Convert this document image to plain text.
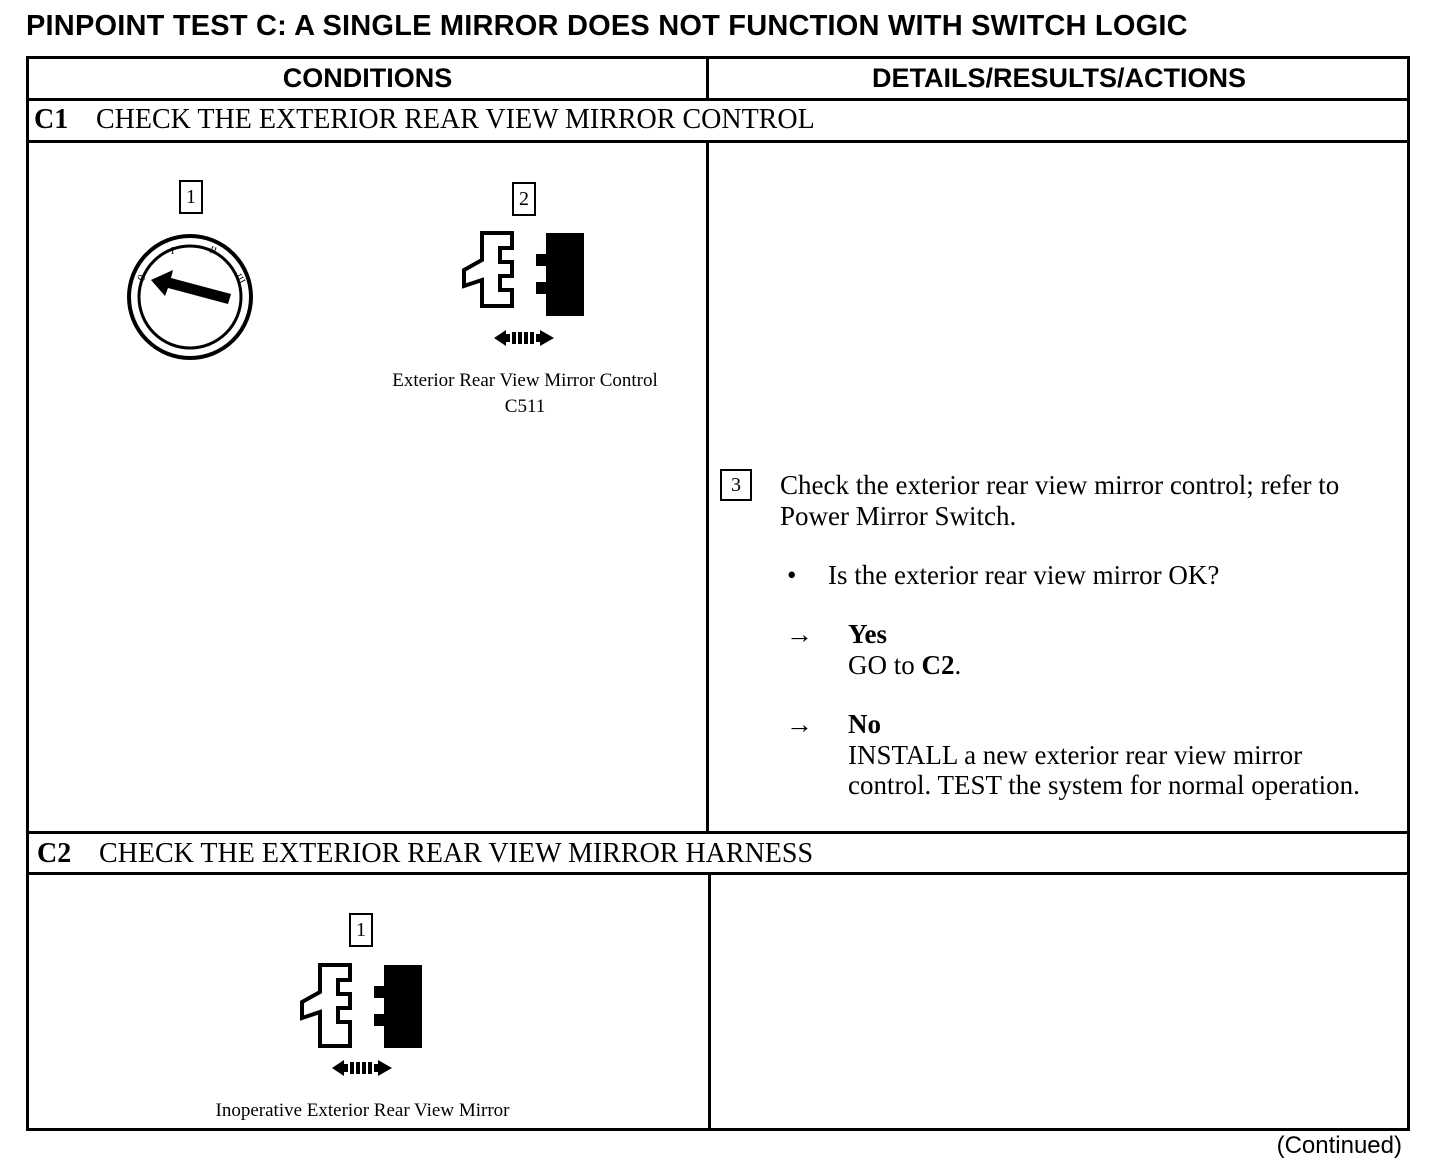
PINPOINT TEST C: A SINGLE MIRROR DOES NOT FUNCTION WITH SWITCH LOGIC
CONDITIONS	DETAILS/RESULTS/ACTIONS
C1 CHECK THE EXTERIOR REAR VIEW MIRROR CONTROL
1
0
I	II
III
2
Exterior Rear View Mirror Control
C511
3	Check the exterior rear view mirror control; refer to Power Mirror Switch.
• Is the exterior rear view mirror OK?
→ Yes
GO to C2.
→ No
INSTALL a new exterior rear view mirror control. TEST the system for normal operation.
C2 CHECK THE EXTERIOR REAR VIEW MIRROR HARNESS
1
Inoperative Exterior Rear View Mirror
(Continued)
